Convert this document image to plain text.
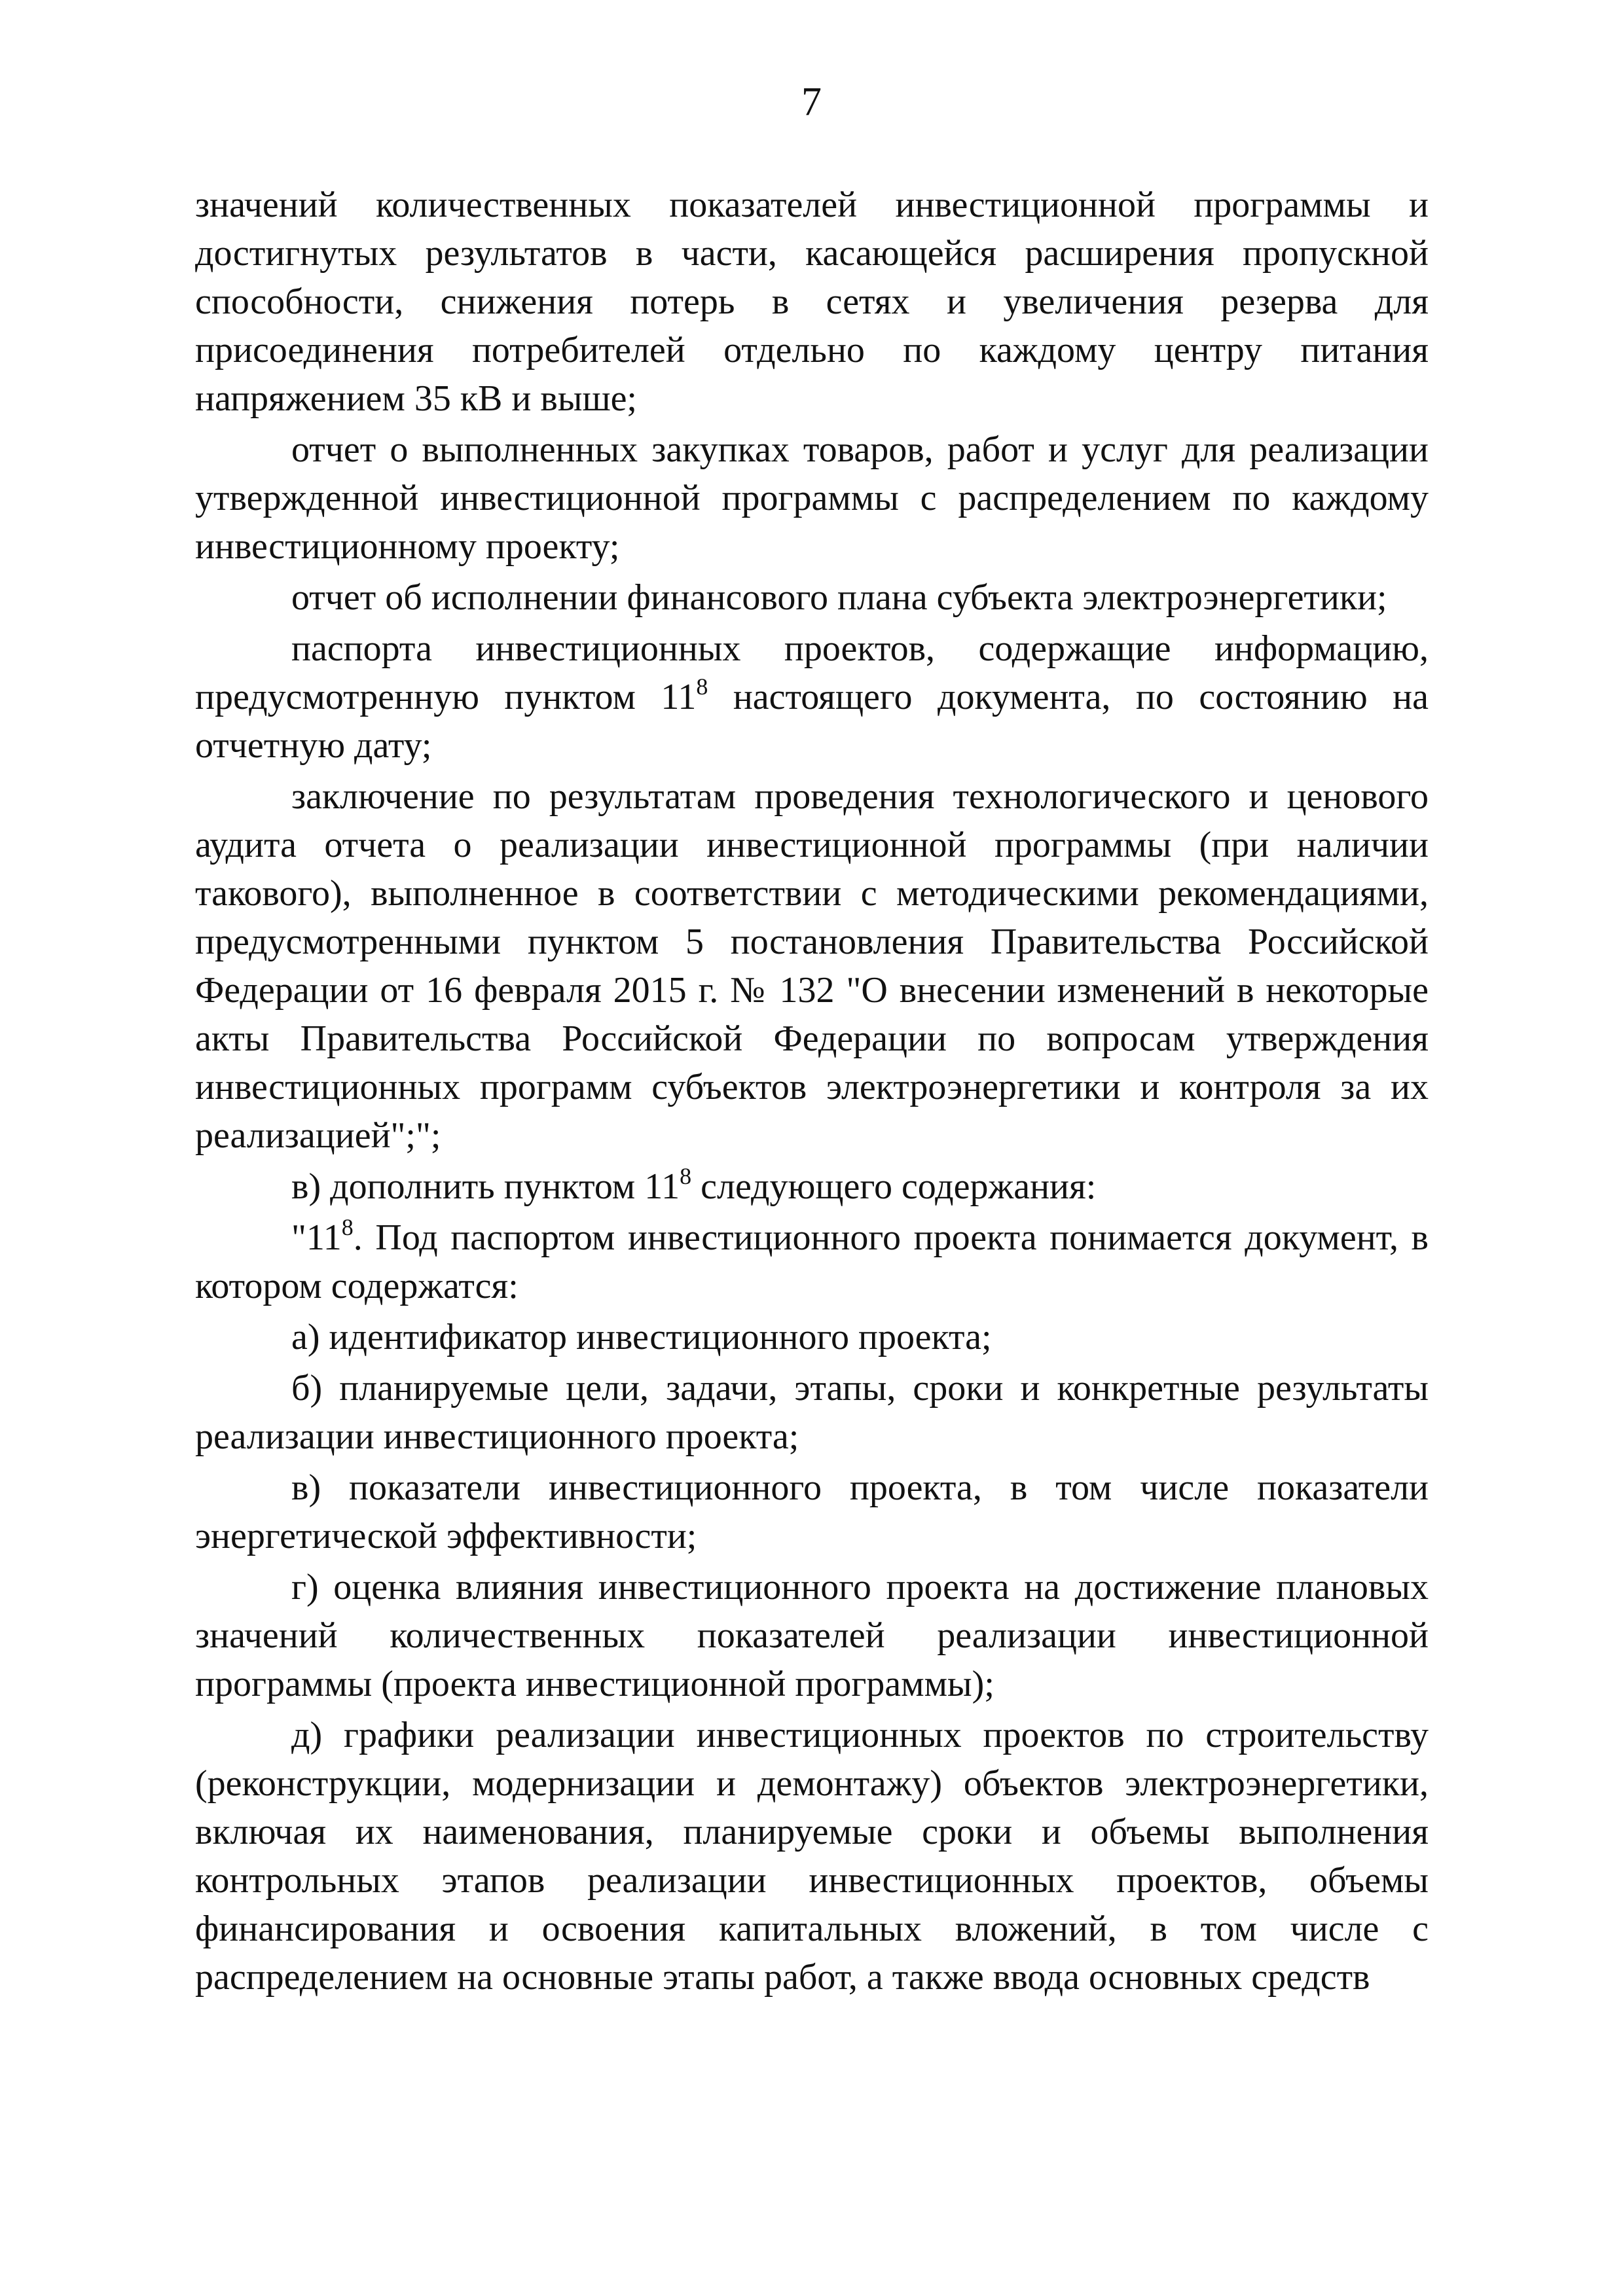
7

значений количественных показателей инвестиционной программы и достигнутых результатов в части, касающейся расширения пропускной способности, снижения потерь в сетях и увеличения резерва для присоединения потребителей отдельно по каждому центру питания напряжением 35 кВ и выше;

отчет о выполненных закупках товаров, работ и услуг для реализации утвержденной инвестиционной программы с распределением по каждому инвестиционному проекту;

отчет об исполнении финансового плана субъекта электроэнергетики;

паспорта инвестиционных проектов, содержащие информацию, предусмотренную пунктом $11^8$ настоящего документа, по состоянию на отчетную дату;

заключение по результатам проведения технологического и ценового аудита отчета о реализации инвестиционной программы (при наличии такового), выполненное в соответствии с методическими рекомендациями, предусмотренными пунктом 5 постановления Правительства Российской Федерации от 16 февраля 2015 г. № 132 "О внесении изменений в некоторые акты Правительства Российской Федерации по вопросам утверждения инвестиционных программ субъектов электроэнергетики и контроля за их реализацией";";

в) дополнить пунктом $11^8$ следующего содержания:

"$11^8$. Под паспортом инвестиционного проекта понимается документ, в котором содержатся:

а) идентификатор инвестиционного проекта;

б) планируемые цели, задачи, этапы, сроки и конкретные результаты реализации инвестиционного проекта;

в) показатели инвестиционного проекта, в том числе показатели энергетической эффективности;

г) оценка влияния инвестиционного проекта на достижение плановых значений количественных показателей реализации инвестиционной программы (проекта инвестиционной программы);

д) графики реализации инвестиционных проектов по строительству (реконструкции, модернизации и демонтажу) объектов электроэнергетики, включая их наименования, планируемые сроки и объемы выполнения контрольных этапов реализации инвестиционных проектов, объемы финансирования и освоения капитальных вложений, в том числе с распределением на основные этапы работ, а также ввода основных средств
